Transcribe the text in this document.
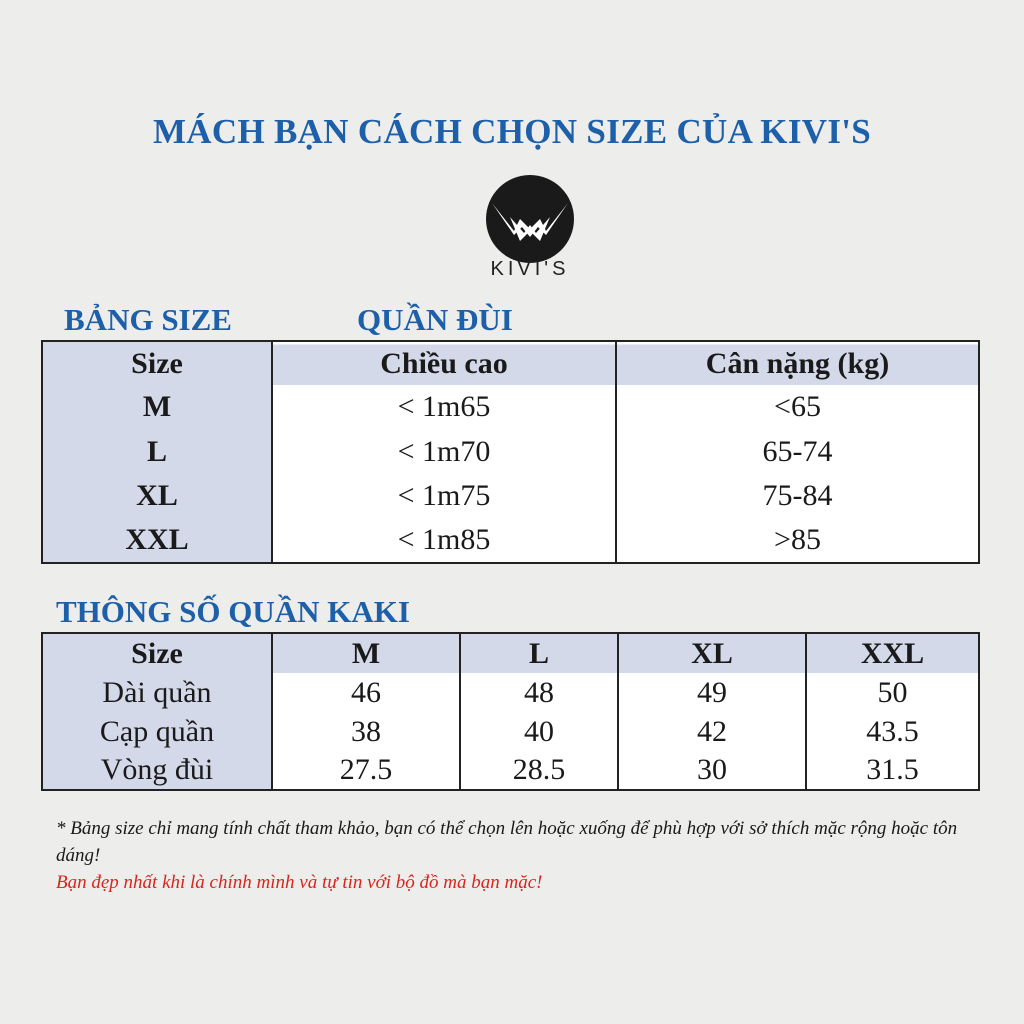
MÁCH BẠN CÁCH CHỌN SIZE CỦA KIVI'S
KIVI'S
BẢNG SIZE	QUẦN ĐÙI
Size	Chiều cao	Cân nặng (kg)
M	< 1m65	<65
L	< 1m70	65-74
XL	< 1m75	75-84
XXL	< 1m85	>85
THÔNG SỐ QUẦN KAKI
Size	M	L	XL	XXL
Dài quần	46	48	49	50
Cạp quần	38	40	42	43.5
Vòng đùi	27.5	28.5	30	31.5
* Bảng size chỉ mang tính chất tham khảo, bạn có thể chọn lên hoặc xuống để phù hợp với sở thích mặc rộng hoặc tôn dáng!
Bạn đẹp nhất khi là chính mình và tự tin với bộ đồ mà bạn mặc!
